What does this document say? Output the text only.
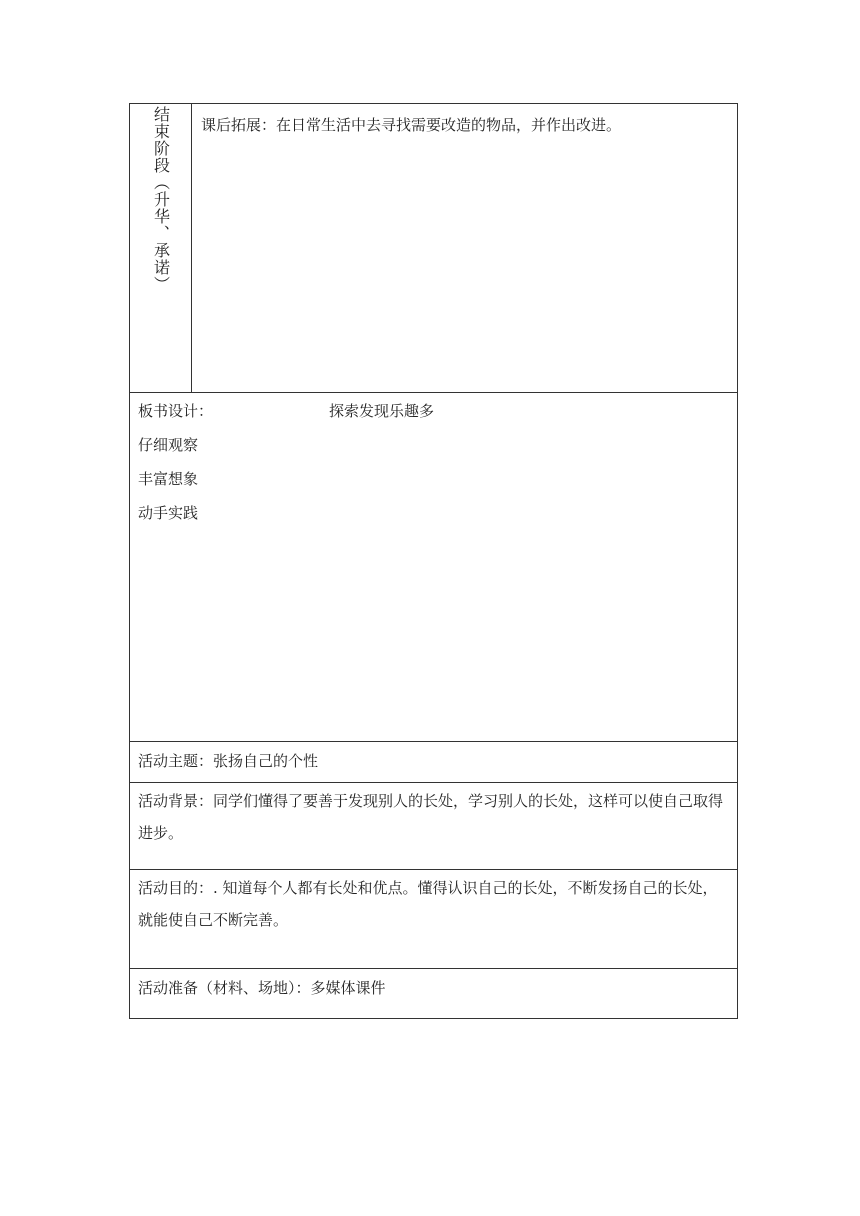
结束阶段（升华、承诺）	课后拓展：在日常生活中去寻找需要改造的物品，并作出改进。
板书设计：	探索发现乐趣多
仔细观察
丰富想象
动手实践
活动主题：张扬自己的个性

活动背景：同学们懂得了要善于发现别人的长处，学习别人的长处，这样可以使自己取得进步。

活动目的：. 知道每个人都有长处和优点。懂得认识自己的长处，不断发扬自己的长处，就能使自己不断完善。

活动准备（材料、场地）：多媒体课件
